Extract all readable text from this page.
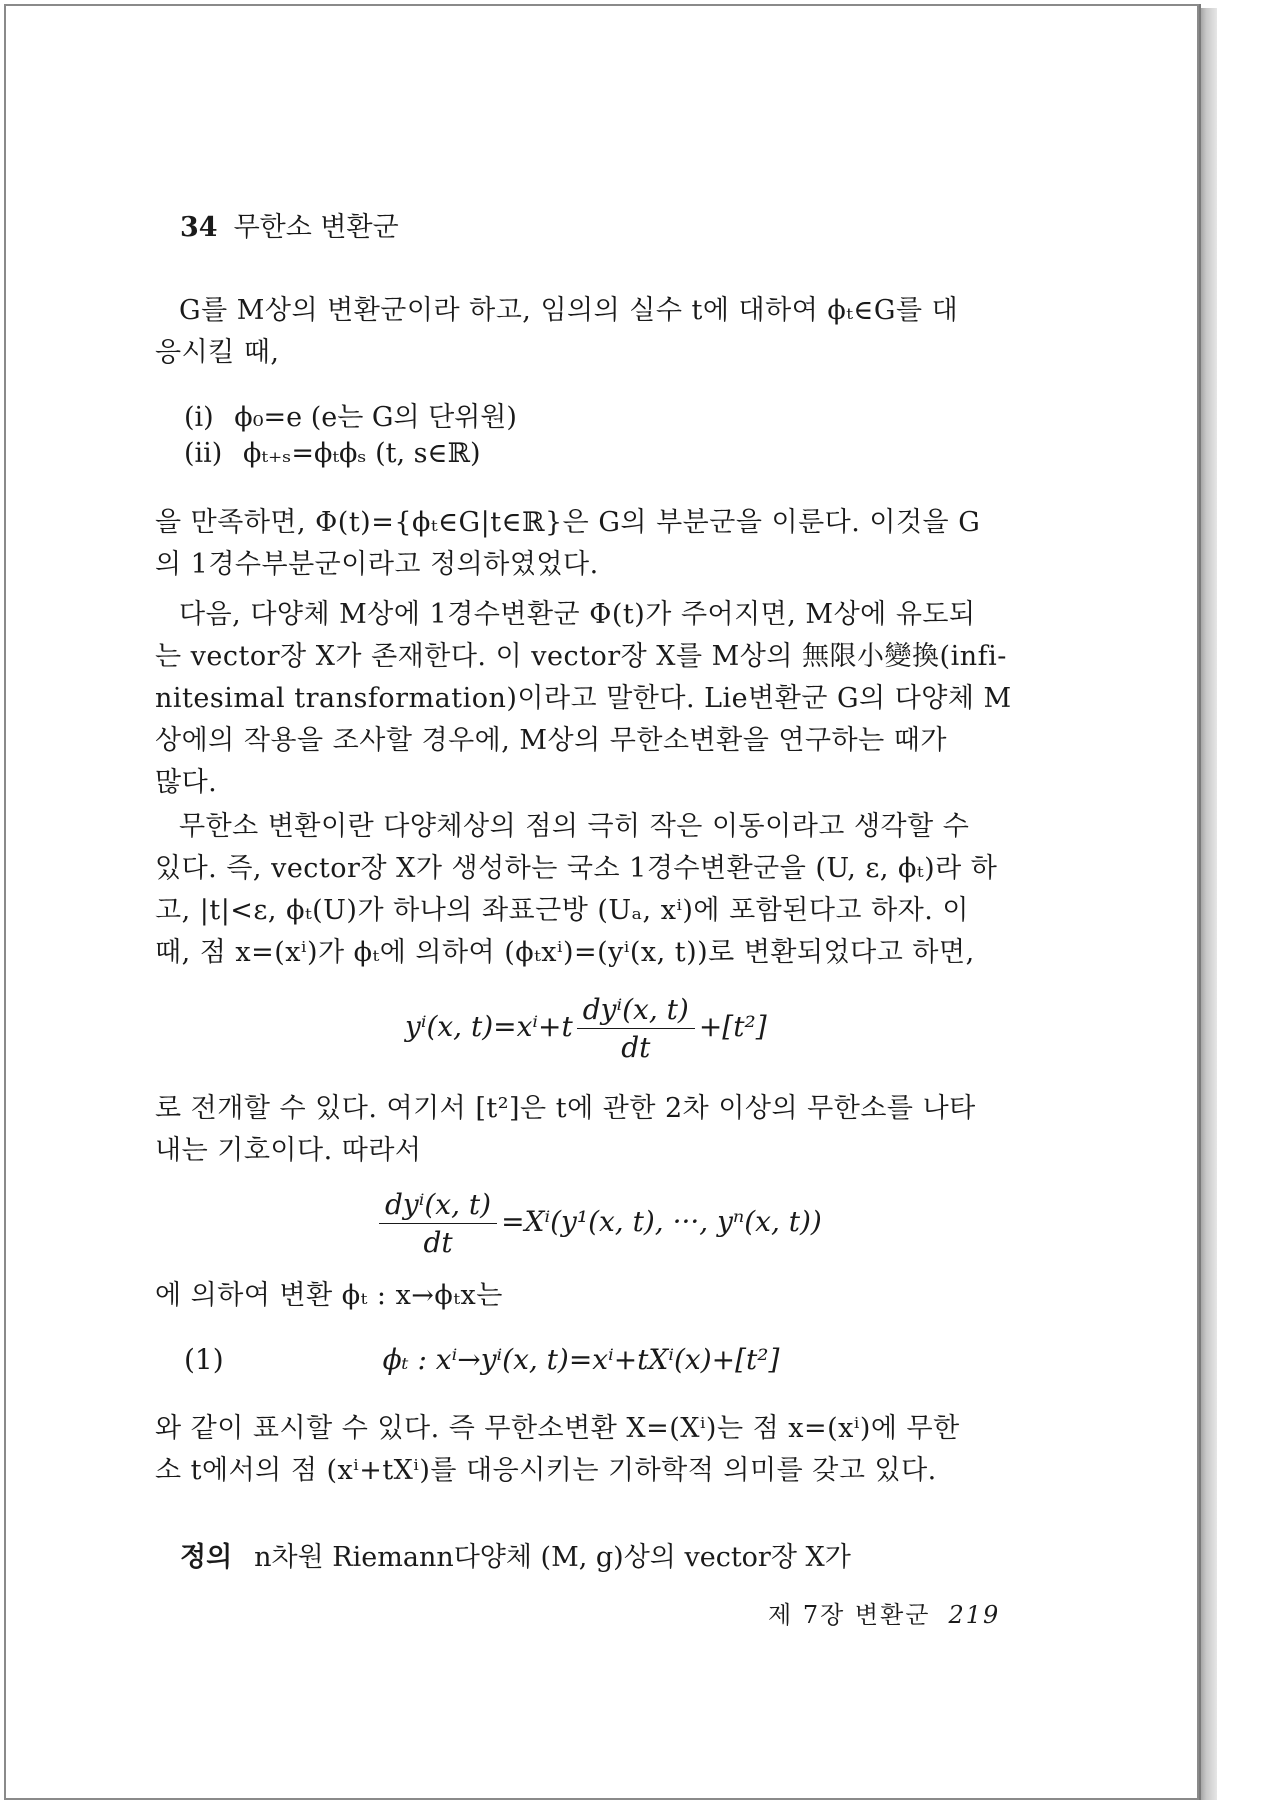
34 무한소 변환군
G를 M상의 변환군이라 하고, 임의의 실수 t에 대하여 ϕₜ∈G를 대
응시킬 때,
(i) ϕ₀=e (e는 G의 단위원)
(ii) ϕₜ₊ₛ=ϕₜϕₛ (t, s∈ℝ)
을 만족하면, Φ(t)={ϕₜ∈G|t∈ℝ}은 G의 부분군을 이룬다. 이것을 G
의 1경수부분군이라고 정의하였었다.
다음, 다양체 M상에 1경수변환군 Φ(t)가 주어지면, M상에 유도되
는 vector장 X가 존재한다. 이 vector장 X를 M상의 無限小變換(infi-
nitesimal transformation)이라고 말한다. Lie변환군 G의 다양체 M
상에의 작용을 조사할 경우에, M상의 무한소변환을 연구하는 때가
많다.
무한소 변환이란 다양체상의 점의 극히 작은 이동이라고 생각할 수
있다. 즉, vector장 X가 생성하는 국소 1경수변환군을 (U, ε, ϕₜ)라 하
고, |t|<ε, ϕₜ(U)가 하나의 좌표근방 (Uₐ, xⁱ)에 포함된다고 하자. 이
때, 점 x=(xⁱ)가 ϕₜ에 의하여 (ϕₜxⁱ)=(yⁱ(x, t))로 변환되었다고 하면,
yⁱ(x, $t)=x^i+t \frac{\text{dyⁱ(x, t)}}{dt} +[t^2]$
로 전개할 수 있다. 여기서 [t²]은 t에 관한 2차 이상의 무한소를 나타
내는 기호이다. 따라서
$\frac{\text{dyⁱ(x, t)}}{dt} =X^i(y^1(x$, t), ···, yⁿ(x, t))
에 의하여 변환 ϕₜ : x→ϕₜx는
(1)	ϕₜ : xⁱ→yⁱ(x, t)=xⁱ+tXⁱ(x)+[t²]
와 같이 표시할 수 있다. 즉 무한소변환 X=(Xⁱ)는 점 x=(xⁱ)에 무한
소 t에서의 점 (xⁱ+tXⁱ)를 대응시키는 기하학적 의미를 갖고 있다.
정의 n차원 Riemann다양체 (M, g)상의 vector장 X가
제 7장 변환군 219
